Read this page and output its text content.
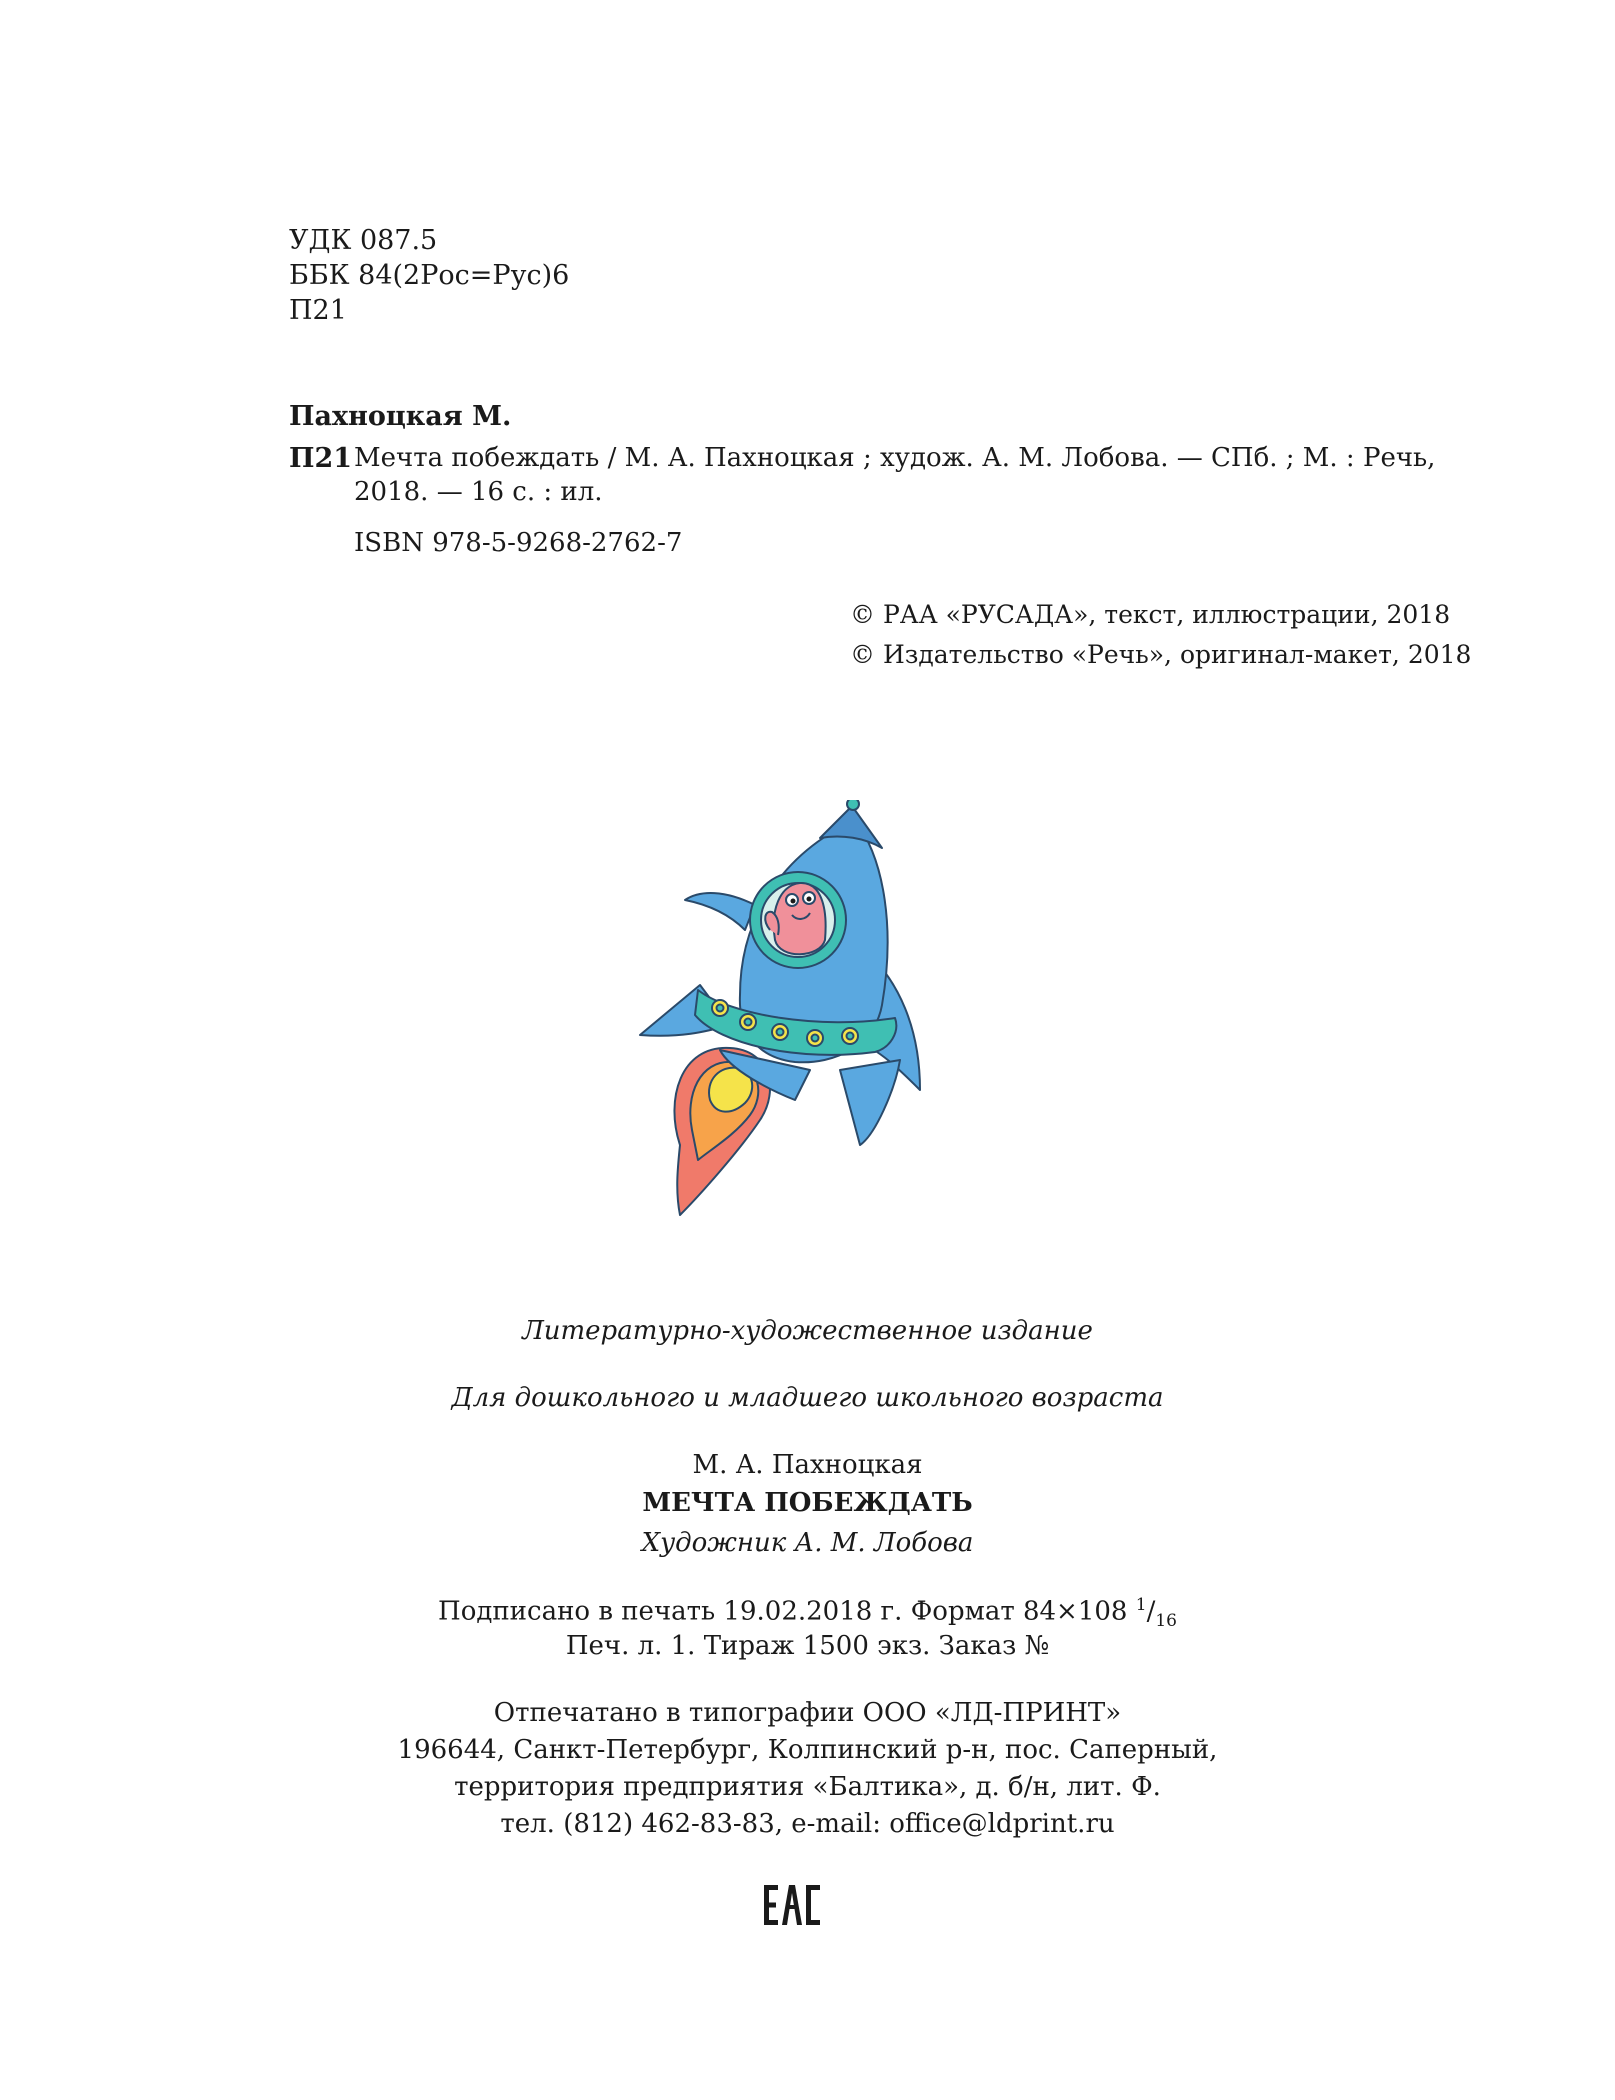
УДК 087.5
ББК 84(2Рос=Рус)6
П21
Пахноцкая М.
П21 Мечта побеждать / М. А. Пахноцкая ; худож. А. М. Лобова. — СПб. ; М. : Речь,
2018. — 16 с. : ил.
ISBN 978-5-9268-2762-7
© РАА «РУСАДА», текст, иллюстрации, 2018
© Издательство «Речь», оригинал-макет, 2018
Литературно-художественное издание
Для дошкольного и младшего школьного возраста
М. А. Пахноцкая
МЕЧТА ПОБЕЖДАТЬ
Художник А. М. Лобова
Подписано в печать 19.02.2018 г. Формат 84×108 $^1/_{16}$
Печ. л. 1. Тираж 1500 экз. Заказ №
Отпечатано в типографии ООО «ЛД-ПРИНТ»
196644, Санкт-Петербург, Колпинский р-н, пос. Саперный,
территория предприятия «Балтика», д. б/н, лит. Ф.
тел. (812) 462-83-83, e-mail: office@ldprint.ru
